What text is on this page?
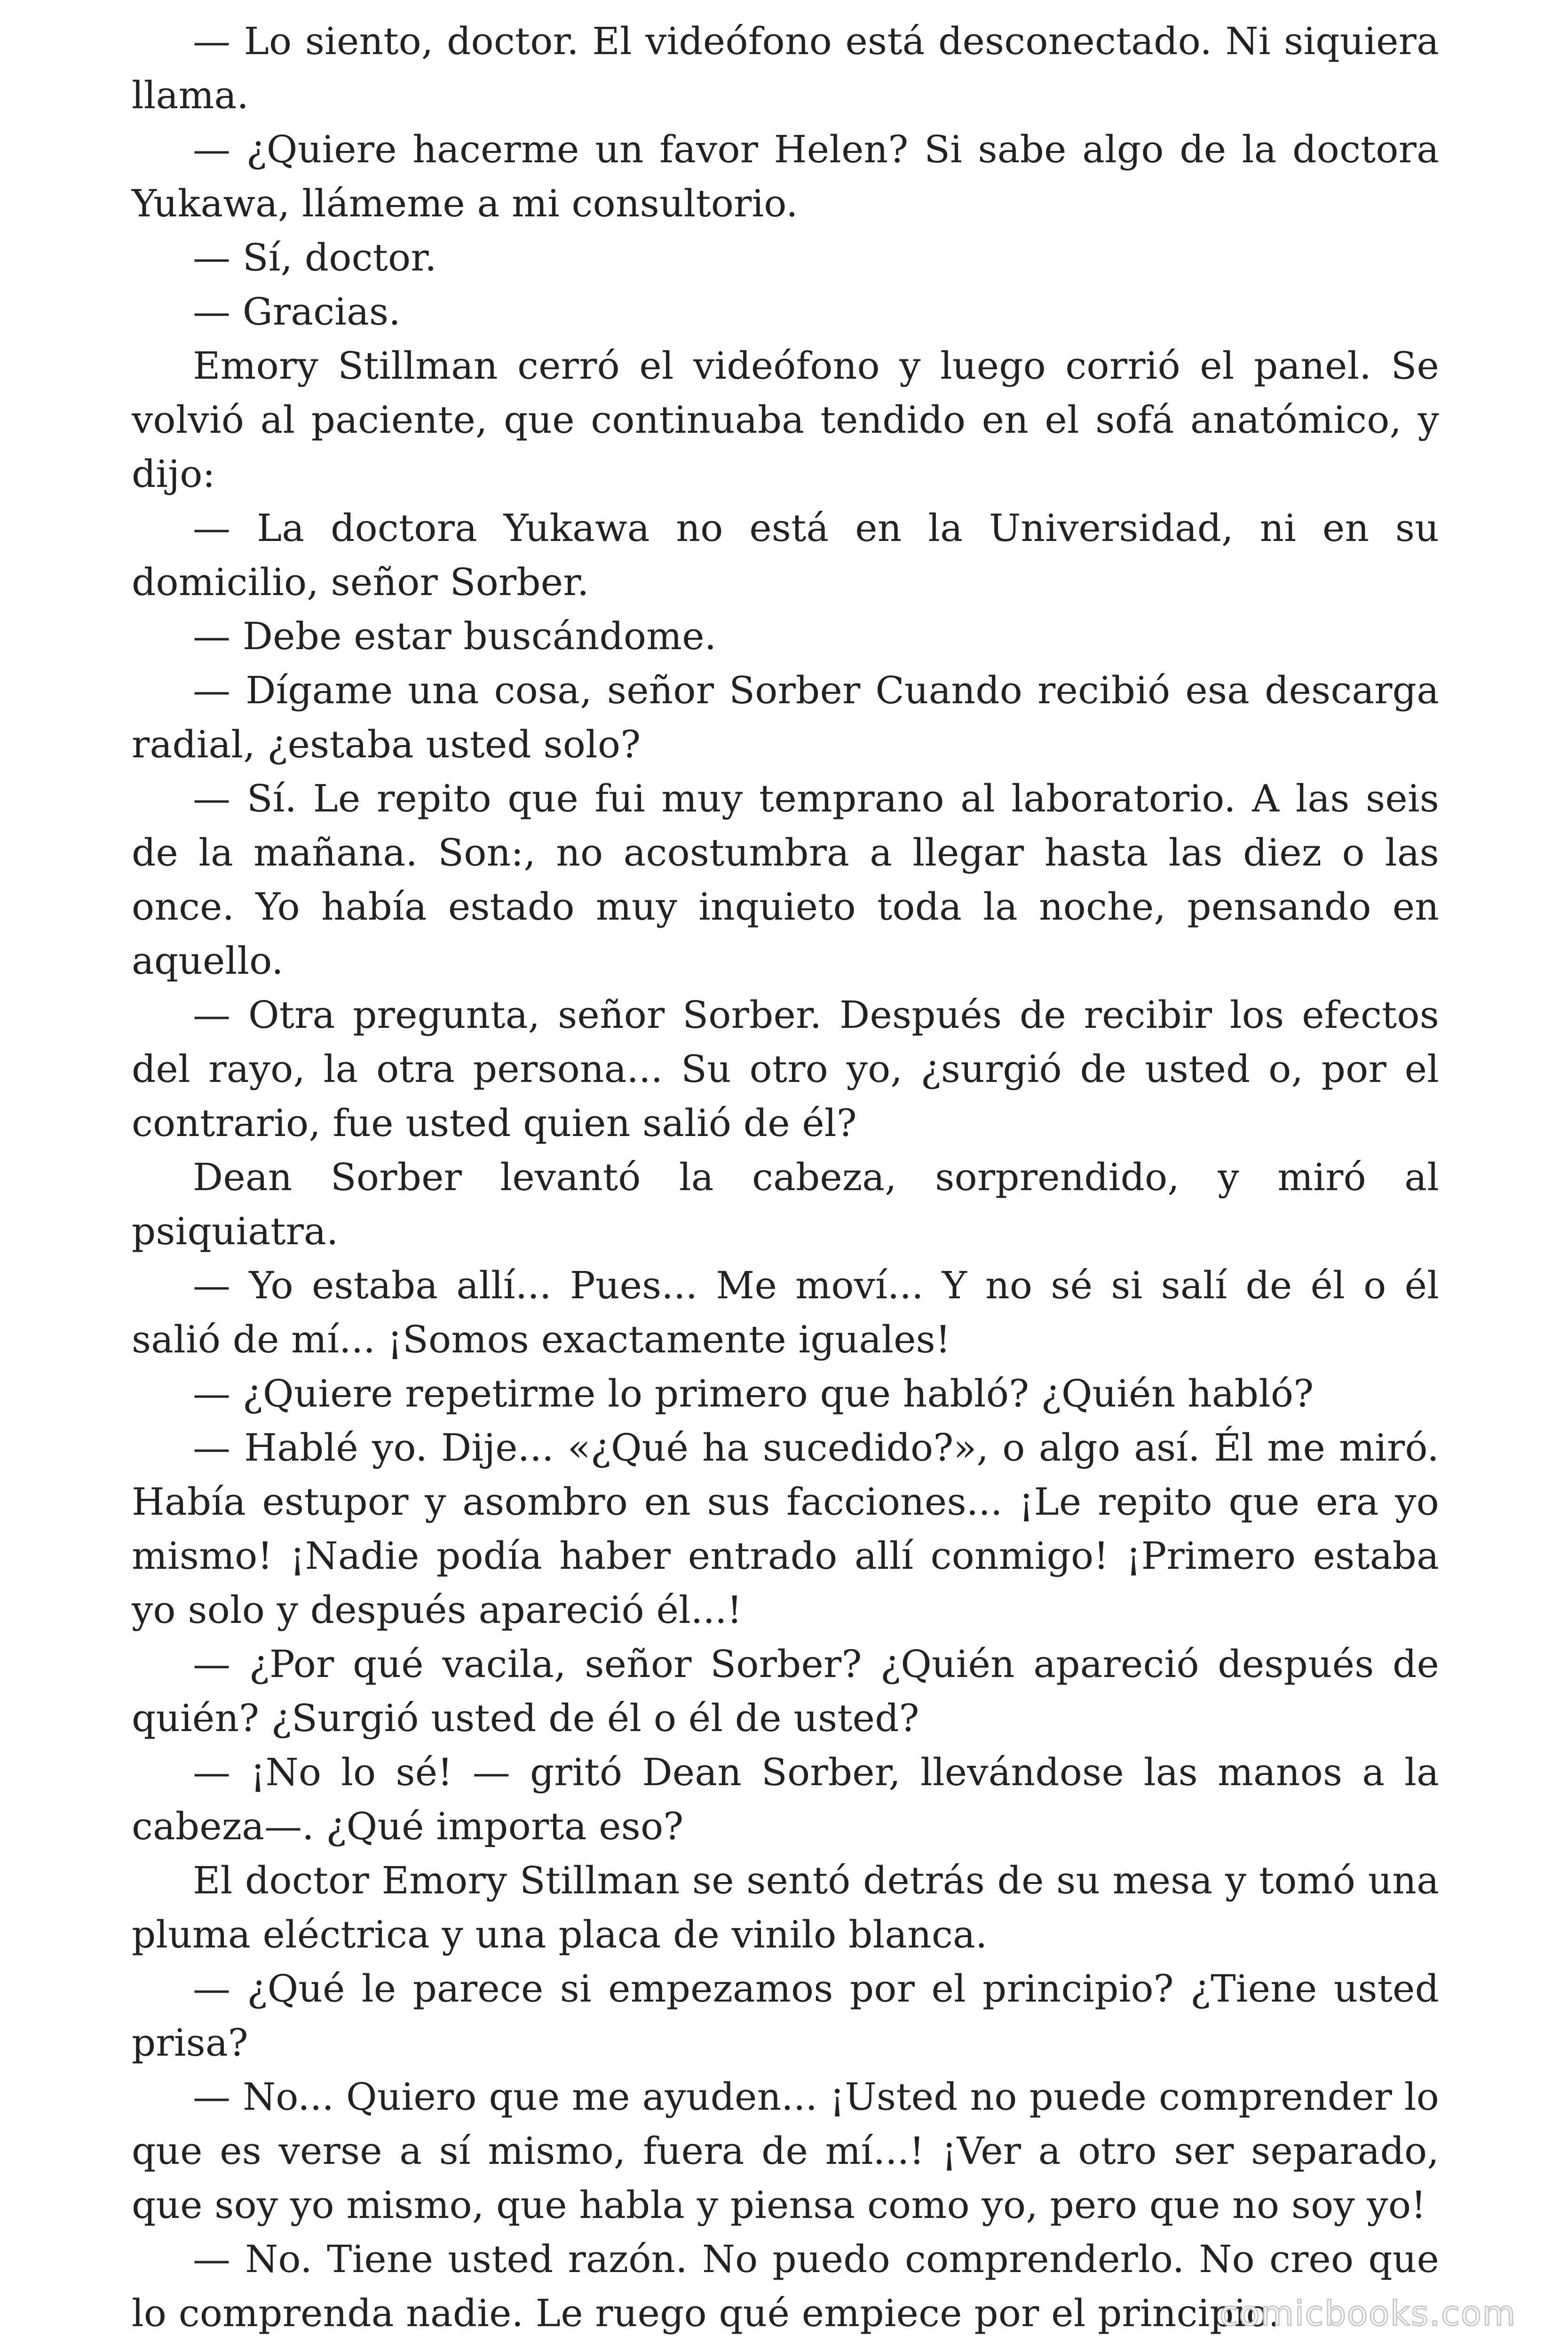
— Lo siento, doctor. El videófono está desconectado. Ni siquiera llama.

— ¿Quiere hacerme un favor Helen? Si sabe algo de la doctora Yukawa, llámeme a mi consultorio.

— Sí, doctor.

— Gracias.

Emory Stillman cerró el videófono y luego corrió el panel. Se volvió al paciente, que continuaba tendido en el sofá anatómico, y dijo:

— La doctora Yukawa no está en la Universidad, ni en su domicilio, señor Sorber.

— Debe estar buscándome.

— Dígame una cosa, señor Sorber Cuando recibió esa descarga radial, ¿estaba usted solo?

— Sí. Le repito que fui muy temprano al laboratorio. A las seis de la mañana. Son:, no acostumbra a llegar hasta las diez o las once. Yo había estado muy inquieto toda la noche, pensando en aquello.

— Otra pregunta, señor Sorber. Después de recibir los efectos del rayo, la otra persona... Su otro yo, ¿surgió de usted o, por el contrario, fue usted quien salió de él?

Dean Sorber levantó la cabeza, sorprendido, y miró al psiquiatra.

— Yo estaba allí... Pues... Me moví... Y no sé si salí de él o él salió de mí... ¡Somos exactamente iguales!

— ¿Quiere repetirme lo primero que habló? ¿Quién habló?

— Hablé yo. Dije... «¿Qué ha sucedido?», o algo así. Él me miró. Había estupor y asombro en sus facciones... ¡Le repito que era yo mismo! ¡Nadie podía haber entrado allí conmigo! ¡Primero estaba yo solo y después apareció él...!

— ¿Por qué vacila, señor Sorber? ¿Quién apareció después de quién? ¿Surgió usted de él o él de usted?

— ¡No lo sé! — gritó Dean Sorber, llevándose las manos a la cabeza—. ¿Qué importa eso?

El doctor Emory Stillman se sentó detrás de su mesa y tomó una pluma eléctrica y una placa de vinilo blanca.

— ¿Qué le parece si empezamos por el principio? ¿Tiene usted prisa?

— No... Quiero que me ayuden... ¡Usted no puede comprender lo que es verse a sí mismo, fuera de mí...! ¡Ver a otro ser separado, que soy yo mismo, que habla y piensa como yo, pero que no soy yo!

— No. Tiene usted razón. No puedo comprenderlo. No creo que lo comprenda nadie. Le ruego qué empiece por el principio.

comicbooks.com
